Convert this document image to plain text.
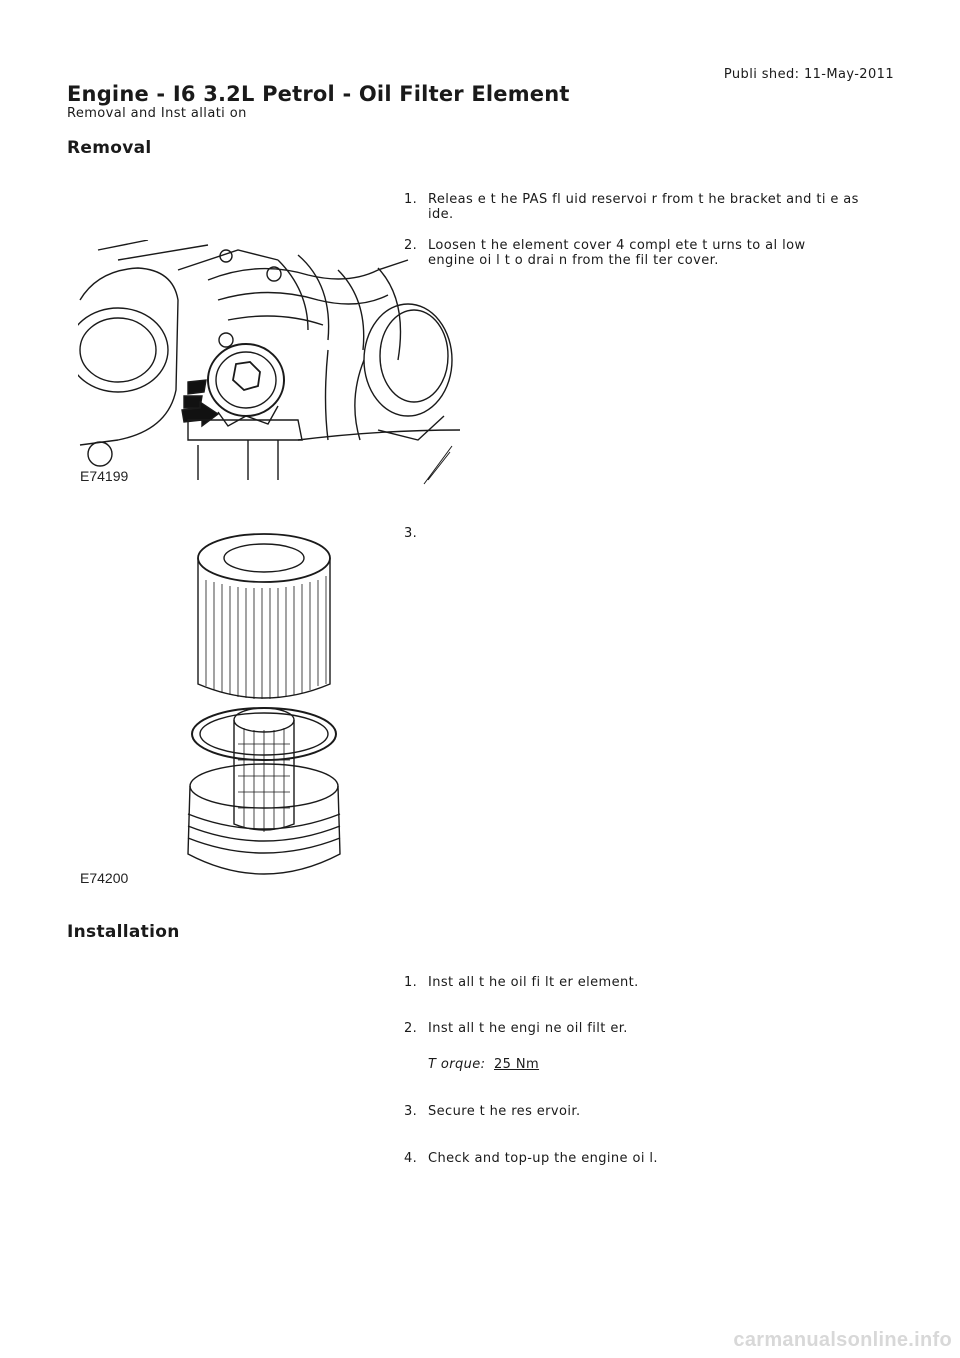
Publi shed: 11-May-2011
Engine - I6 3.2L Petrol - Oil Filter Element
Removal and Inst allati on
Removal
1. Releas e t he PAS fl uid reservoi r from t he bracket and ti e as ide.
2. Loosen t he element cover 4 compl ete t urns to al low engine oi l t o drai n from the fil ter cover.
3.
E74199
E74200
Installation
1. Inst all t he oil fi lt er element.
2. Inst all t he engi ne oil filt er.
T orque: 25 Nm
3. Secure t he res ervoir.
4. Check and top-up the engine oi l.
carmanualsonline.info
